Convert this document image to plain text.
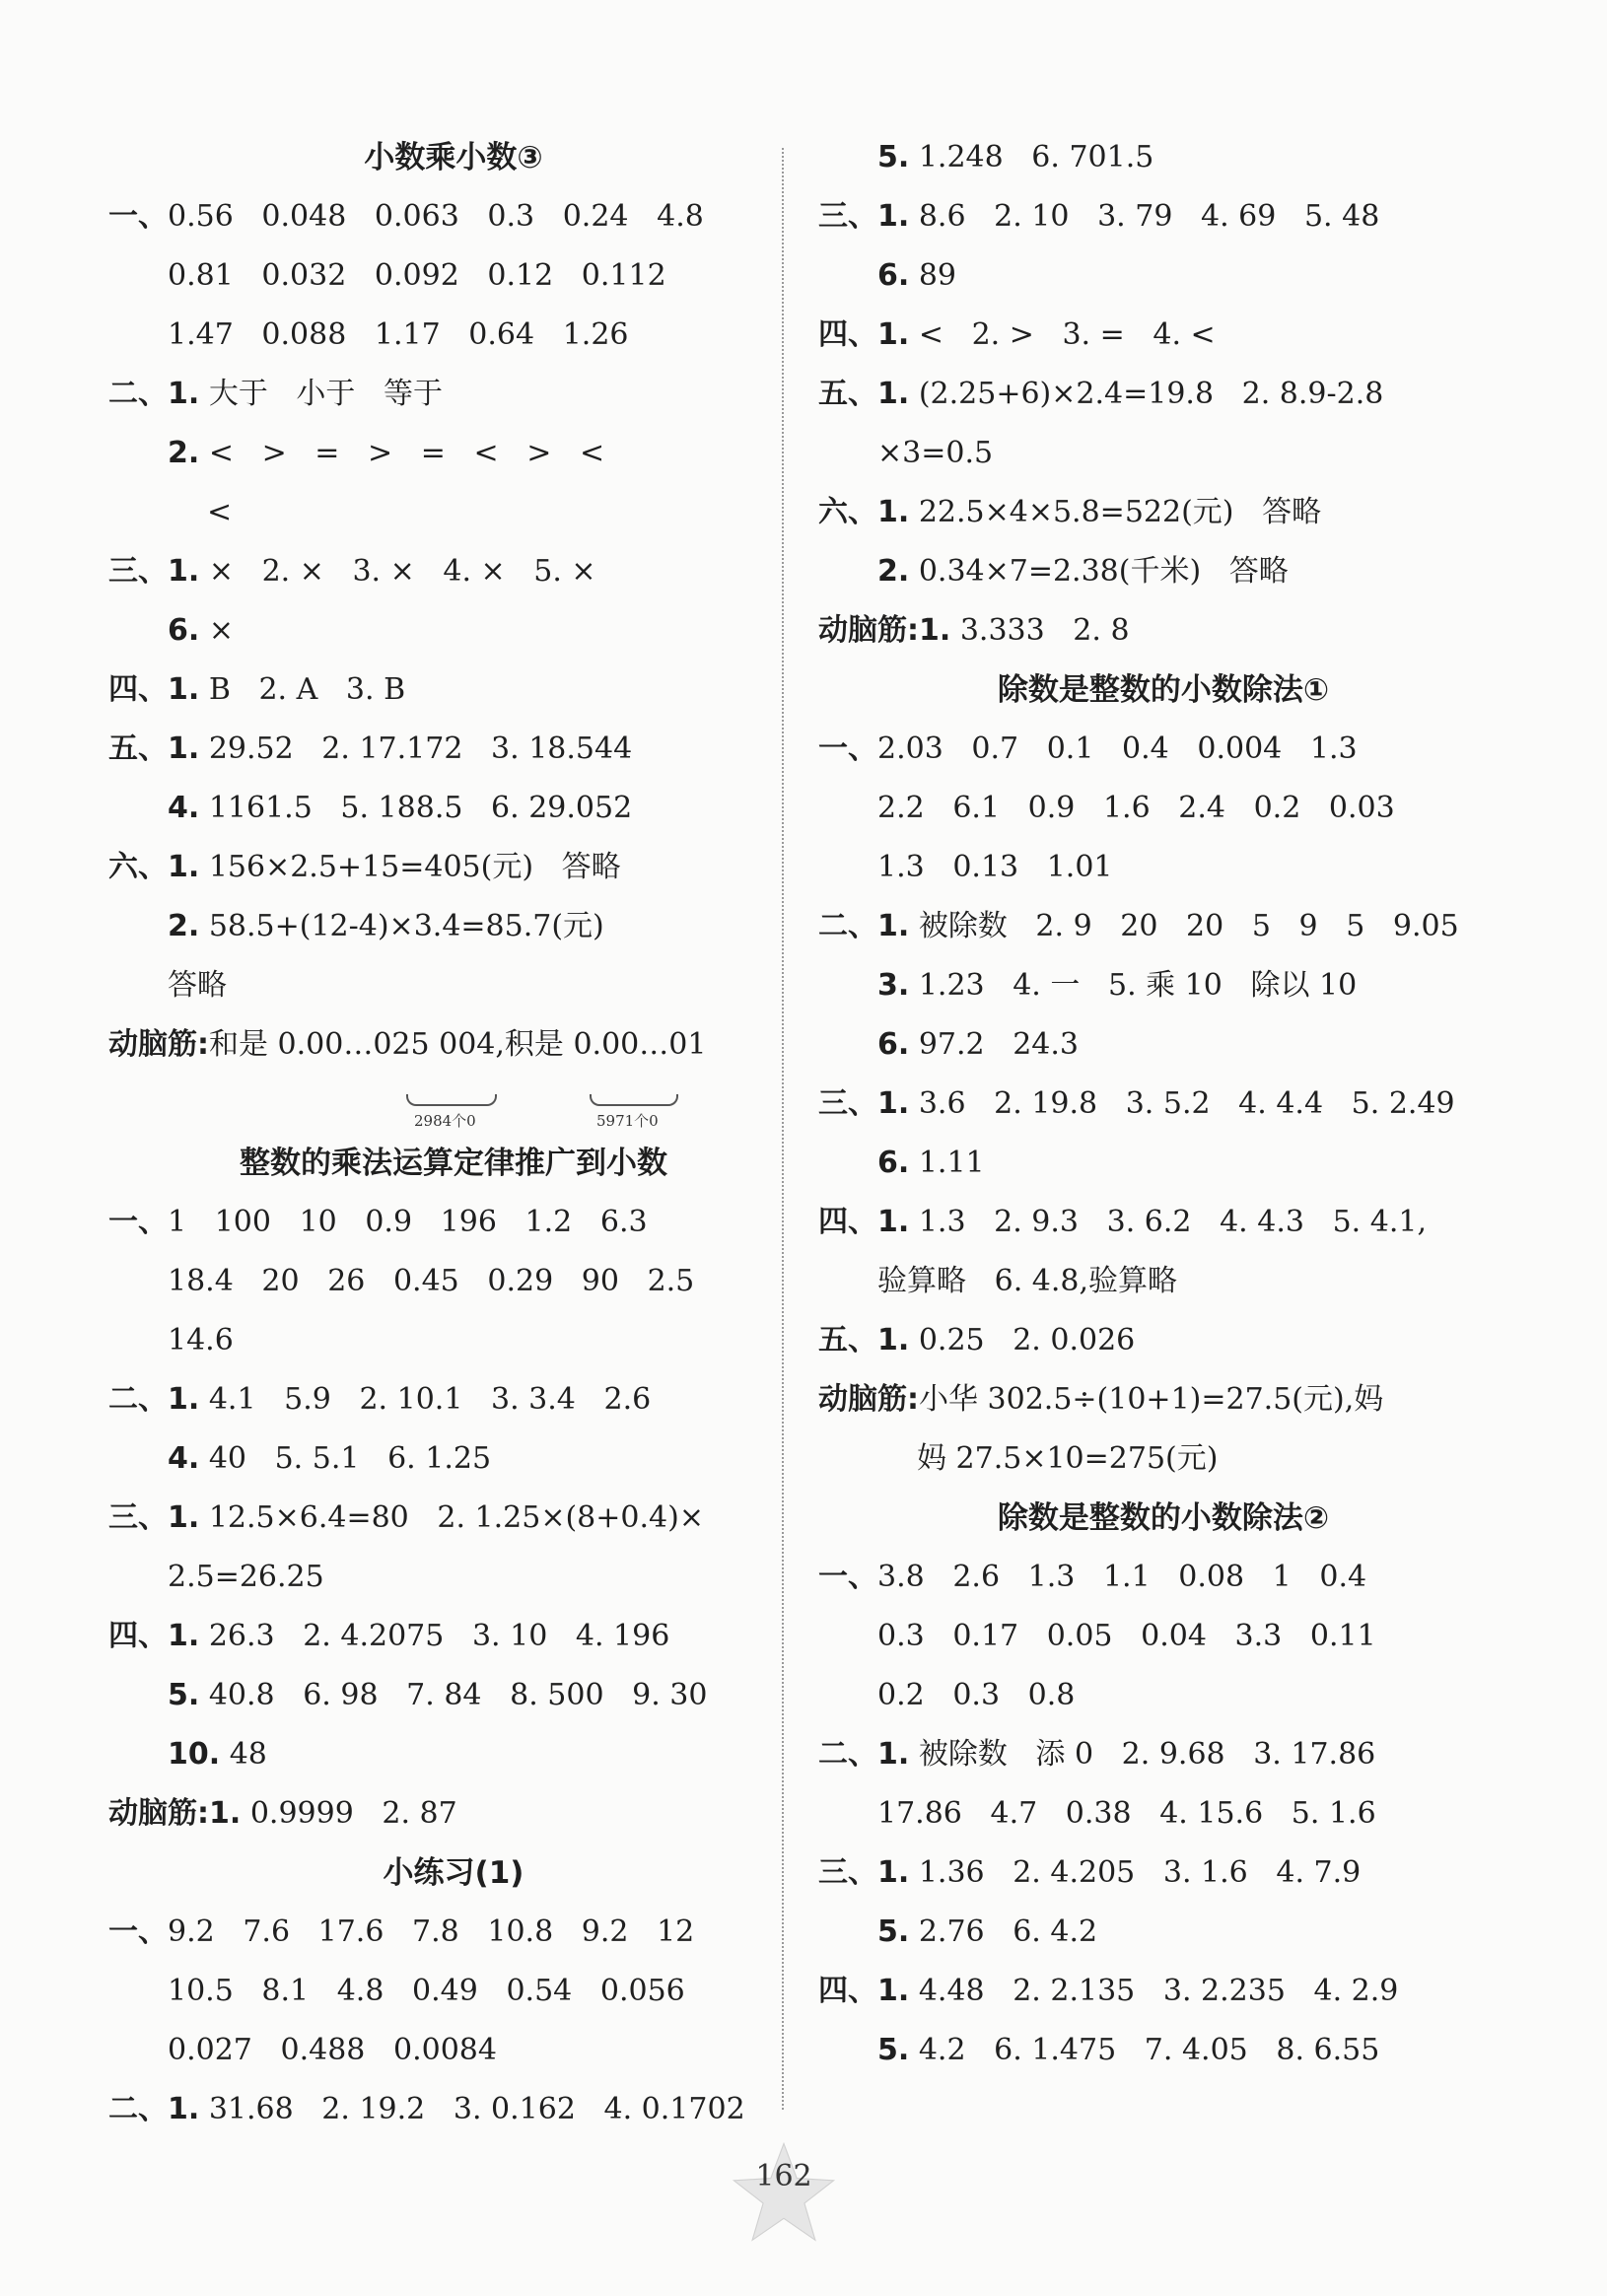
小数乘小数③
一、0.56   0.048   0.063   0.3   0.24   4.8
0.81   0.032   0.092   0.12   0.112
1.47   0.088   1.17   0.64   1.26
二、1. 大于   小于   等于
2. <   >   =   >   =   <   >   <
<
三、1. ×   2. ×   3. ×   4. ×   5. ×
6. ×
四、1. B   2. A   3. B
五、1. 29.52   2. 17.172   3. 18.544
4. 1161.5   5. 188.5   6. 29.052
六、1. 156×2.5+15=405(元)   答略
2. 58.5+(12-4)×3.4=85.7(元)
答略
动脑筋:和是 0.00…025 004,积是 0.00…01
整数的乘法运算定律推广到小数
一、1   100   10   0.9   196   1.2   6.3
18.4   20   26   0.45   0.29   90   2.5
14.6
二、1. 4.1   5.9   2. 10.1   3. 3.4   2.6
4. 40   5. 5.1   6. 1.25
三、1. 12.5×6.4=80   2. 1.25×(8+0.4)×
2.5=26.25
四、1. 26.3   2. 4.2075   3. 10   4. 196
5. 40.8   6. 98   7. 84   8. 500   9. 30
10. 48
动脑筋:1. 0.9999   2. 87
小练习(1)
一、9.2   7.6   17.6   7.8   10.8   9.2   12
10.5   8.1   4.8   0.49   0.54   0.056
0.027   0.488   0.0084
二、1. 31.68   2. 19.2   3. 0.162   4. 0.1702
5. 1.248   6. 701.5
三、1. 8.6   2. 10   3. 79   4. 69   5. 48
6. 89
四、1. <   2. >   3. =   4. <
五、1. (2.25+6)×2.4=19.8   2. 8.9-2.8
×3=0.5
六、1. 22.5×4×5.8=522(元)   答略
2. 0.34×7=2.38(千米)   答略
动脑筋:1. 3.333   2. 8
除数是整数的小数除法①
一、2.03   0.7   0.1   0.4   0.004   1.3
2.2   6.1   0.9   1.6   2.4   0.2   0.03
1.3   0.13   1.01
二、1. 被除数   2. 9   20   20   5   9   5   9.05
3. 1.23   4. 一   5. 乘 10   除以 10
6. 97.2   24.3
三、1. 3.6   2. 19.8   3. 5.2   4. 4.4   5. 2.49
6. 1.11
四、1. 1.3   2. 9.3   3. 6.2   4. 4.3   5. 4.1,
验算略   6. 4.8,验算略
五、1. 0.25   2. 0.026
动脑筋:小华 302.5÷(10+1)=27.5(元),妈
妈 27.5×10=275(元)
除数是整数的小数除法②
一、3.8   2.6   1.3   1.1   0.08   1   0.4
0.3   0.17   0.05   0.04   3.3   0.11
0.2   0.3   0.8
二、1. 被除数   添 0   2. 9.68   3. 17.86
17.86   4.7   0.38   4. 15.6   5. 1.6
三、1. 1.36   2. 4.205   3. 1.6   4. 7.9
5. 2.76   6. 4.2
四、1. 4.48   2. 2.135   3. 2.235   4. 2.9
5. 4.2   6. 1.475   7. 4.05   8. 6.55
2984个0	5971个0
162
